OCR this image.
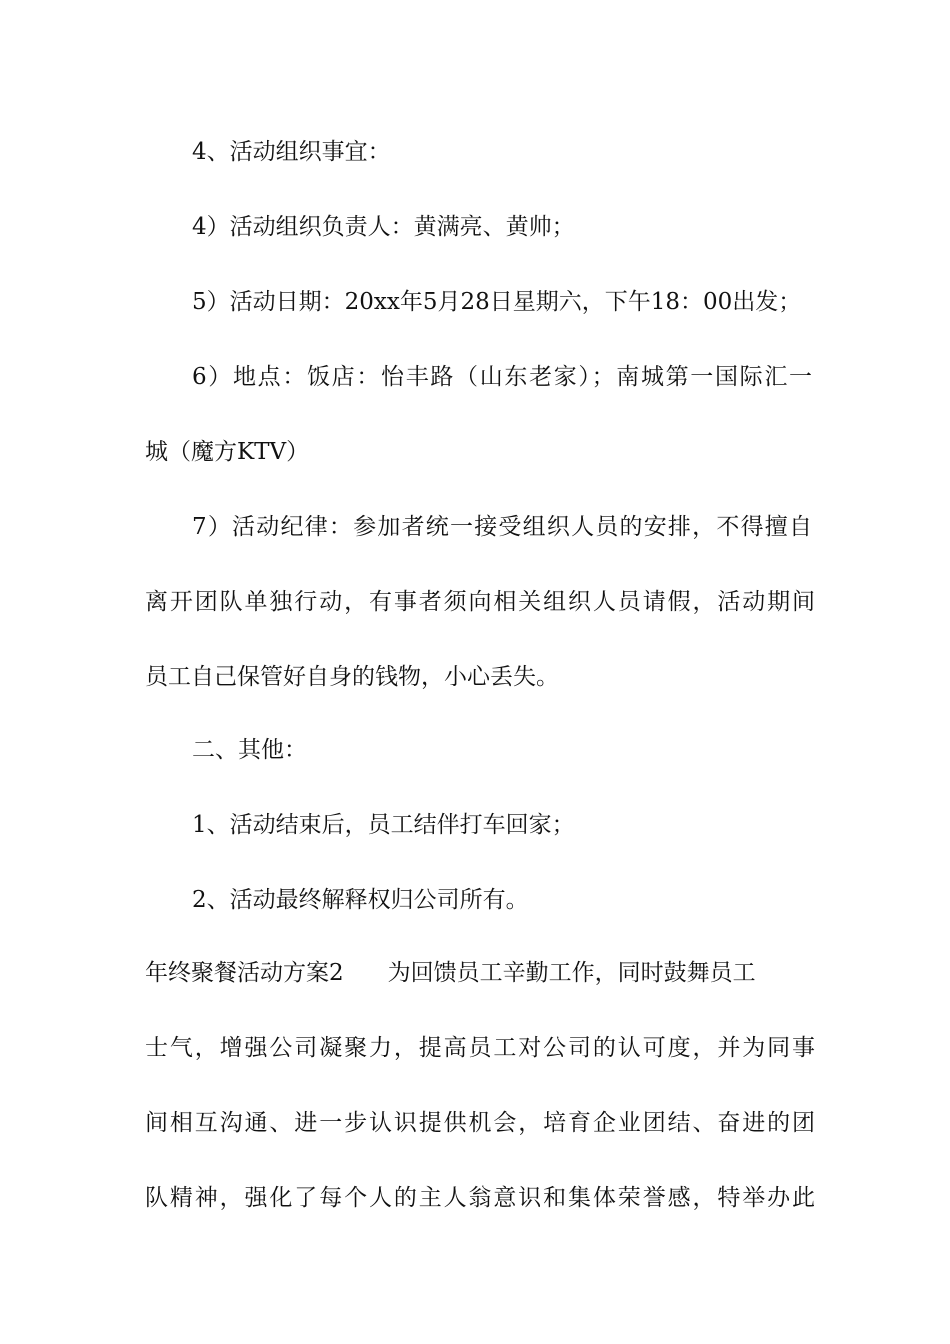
4、活动组织事宜：
4）活动组织负责人：黄满亮、黄帅；
5）活动日期：20xx年5月28日星期六，下午18：00出发；
6）地点：饭店：怡丰路（山东老家）；南城第一国际汇一
城（魔方KTV）
7）活动纪律：参加者统一接受组织人员的安排，不得擅自
离开团队单独行动，有事者须向相关组织人员请假，活动期间
员工自己保管好自身的钱物，小心丢失。
二、其他：
1、活动结束后，员工结伴打车回家；
2、活动最终解释权归公司所有。
年终聚餐活动方案2 为回馈员工辛勤工作，同时鼓舞员工
士气，增强公司凝聚力，提高员工对公司的认可度，并为同事
间相互沟通、进一步认识提供机会，培育企业团结、奋进的团
队精神，强化了每个人的主人翁意识和集体荣誉感，特举办此
